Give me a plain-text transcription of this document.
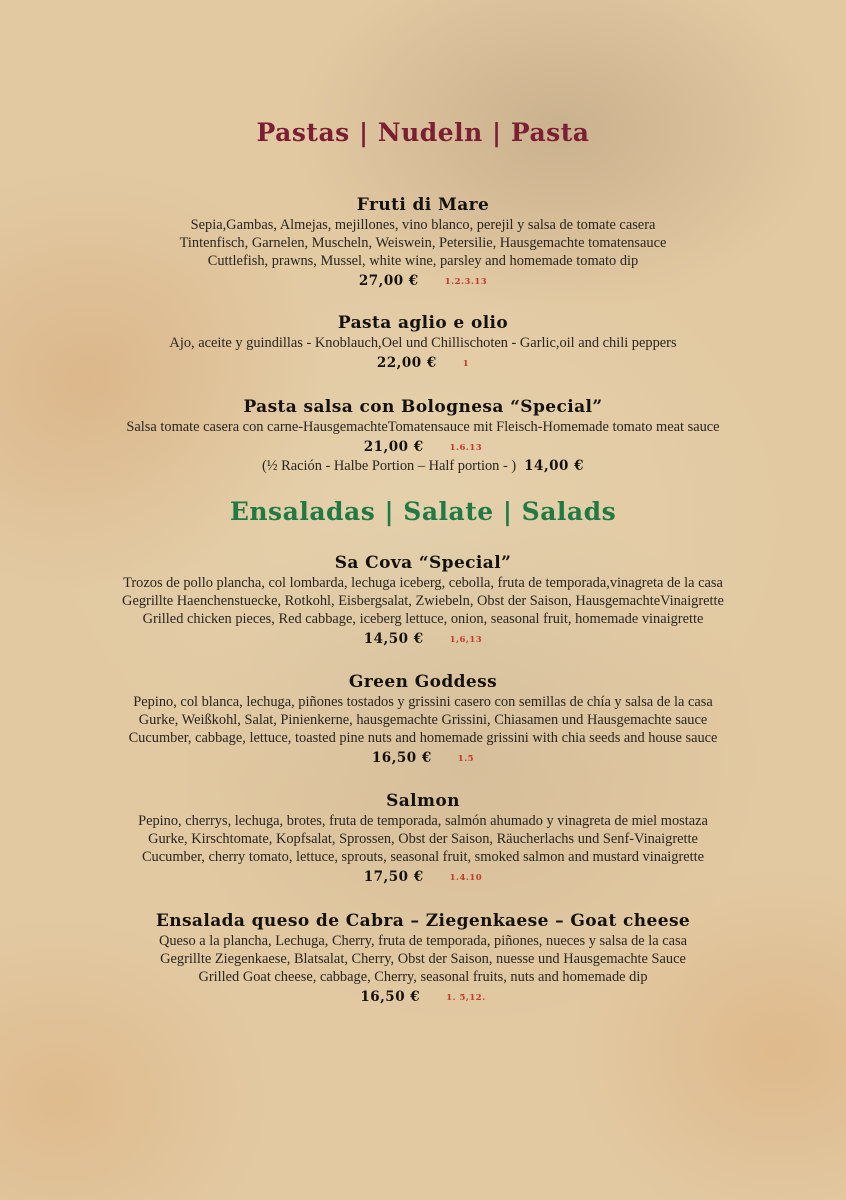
Pastas | Nudeln | Pasta
Fruti di Mare
Sepia,Gambas, Almejas, mejillones, vino blanco, perejil y salsa de tomate casera
Tintenfisch, Garnelen, Muscheln, Weiswein, Petersilie, Hausgemachte tomatensauce
Cuttlefish, prawns, Mussel, white wine, parsley and homemade tomato dip
27,00 €	1.2.3.13
Pasta aglio e olio
Ajo, aceite y guindillas - Knoblauch,Oel und Chillischoten - Garlic,oil and chili peppers
22,00 €	1
Pasta salsa con Bolognesa “Special”
Salsa tomate casera con carne-HausgemachteTomatensauce mit Fleisch-Homemade tomato meat sauce
21,00 €	1.6.13
(½ Ración - Halbe Portion – Half portion - ) 14,00 €
Ensaladas | Salate | Salads
Sa Cova “Special”
Trozos de pollo plancha, col lombarda, lechuga iceberg, cebolla, fruta de temporada,vinagreta de la casa
Gegrillte Haenchenstuecke, Rotkohl, Eisbergsalat, Zwiebeln, Obst der Saison, HausgemachteVinaigrette
Grilled chicken pieces, Red cabbage, iceberg lettuce, onion, seasonal fruit, homemade vinaigrette
14,50 €	1,6,13
Green Goddess
Pepino, col blanca, lechuga, piñones tostados y grissini casero con semillas de chía y salsa de la casa
Gurke, Weißkohl, Salat, Pinienkerne, hausgemachte Grissini, Chiasamen und Hausgemachte sauce
Cucumber, cabbage, lettuce, toasted pine nuts and homemade grissini with chia seeds and house sauce
16,50 €	1.5
Salmon
Pepino, cherrys, lechuga, brotes, fruta de temporada, salmón ahumado y vinagreta de miel mostaza
Gurke, Kirschtomate, Kopfsalat, Sprossen, Obst der Saison, Räucherlachs und Senf-Vinaigrette
Cucumber, cherry tomato, lettuce, sprouts, seasonal fruit, smoked salmon and mustard vinaigrette
17,50 €	1.4.10
Ensalada queso de Cabra – Ziegenkaese – Goat cheese
Queso a la plancha, Lechuga, Cherry, fruta de temporada, piñones, nueces y salsa de la casa
Gegrillte Ziegenkaese, Blatsalat, Cherry, Obst der Saison, nuesse und Hausgemachte Sauce
Grilled Goat cheese, cabbage, Cherry, seasonal fruits, nuts and homemade dip
16,50 €	1. 5,12.
